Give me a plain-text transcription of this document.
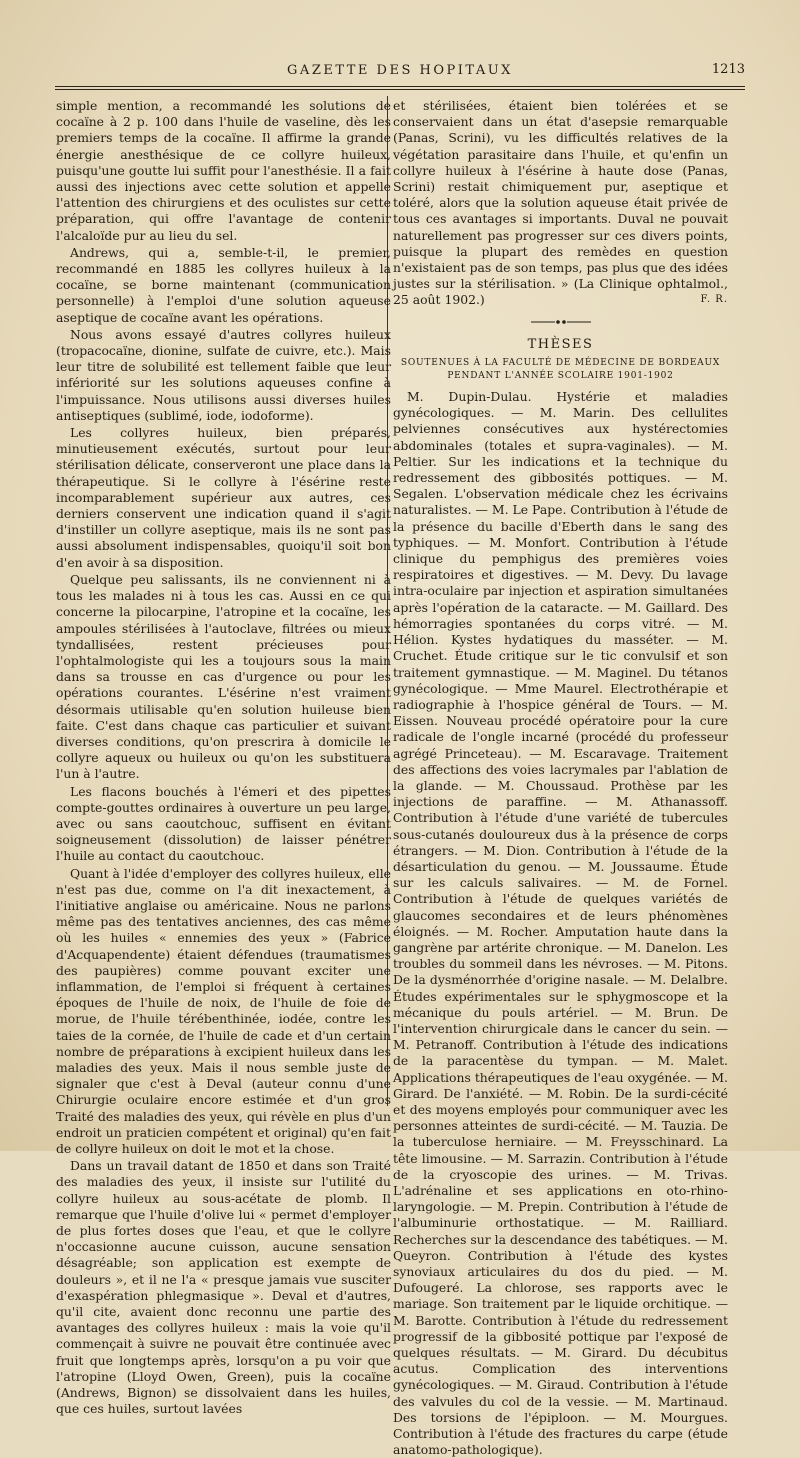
GAZETTE DES HOPITAUX	1213

simple mention, a recommandé les solutions de cocaïne à 2 p. 100 dans l'huile de vaseline, dès les premiers temps de la cocaïne. Il affirme la grande énergie anesthésique de ce collyre huileux, puisqu'une goutte lui suffit pour l'anesthésie. Il a fait aussi des injections avec cette solution et appelle l'attention des chirurgiens et des oculistes sur cette préparation, qui offre l'avantage de contenir l'alcaloïde pur au lieu du sel.

Andrews, qui a, semble-t-il, le premier, recommandé en 1885 les collyres huileux à la cocaïne, se borne maintenant (communication personnelle) à l'emploi d'une solution aqueuse aseptique de cocaïne avant les opérations.

Nous avons essayé d'autres collyres huileux (tropacocaïne, dionine, sulfate de cuivre, etc.). Mais leur titre de solubilité est tellement faible que leur infériorité sur les solutions aqueuses confine à l'impuissance. Nous utilisons aussi diverses huiles antiseptiques (sublimé, iode, iodoforme).

Les collyres huileux, bien préparés, minutieusement exécutés, surtout pour leur stérilisation délicate, conserveront une place dans la thérapeutique. Si le collyre à l'ésérine reste incomparablement supérieur aux autres, ces derniers conservent une indication quand il s'agit d'instiller un collyre aseptique, mais ils ne sont pas aussi absolument indispensables, quoiqu'il soit bon d'en avoir à sa disposition.

Quelque peu salissants, ils ne conviennent ni à tous les malades ni à tous les cas. Aussi en ce qui concerne la pilocarpine, l'atropine et la cocaïne, les ampoules stérilisées à l'autoclave, filtrées ou mieux tyndallisées, restent précieuses pour l'ophtalmologiste qui les a toujours sous la main dans sa trousse en cas d'urgence ou pour les opérations courantes. L'ésérine n'est vraiment désormais utilisable qu'en solution huileuse bien faite. C'est dans chaque cas particulier et suivant diverses conditions, qu'on prescrira à domicile le collyre aqueux ou huileux ou qu'on les substituera l'un à l'autre.

Les flacons bouchés à l'émeri et des pipettes compte-gouttes ordinaires à ouverture un peu large, avec ou sans caoutchouc, suffisent en évitant soigneusement (dissolution) de laisser pénétrer l'huile au contact du caoutchouc.

Quant à l'idée d'employer des collyres huileux, elle n'est pas due, comme on l'a dit inexactement, à l'initiative anglaise ou américaine. Nous ne parlons même pas des tentatives anciennes, des cas même où les huiles « ennemies des yeux » (Fabrice d'Acquapendente) étaient défendues (traumatismes des paupières) comme pouvant exciter une inflammation, de l'emploi si fréquent à certaines époques de l'huile de noix, de l'huile de foie de morue, de l'huile térébenthinée, iodée, contre les taies de la cornée, de l'huile de cade et d'un certain nombre de préparations à excipient huileux dans les maladies des yeux. Mais il nous semble juste de signaler que c'est à Deval (auteur connu d'une Chirurgie oculaire encore estimée et d'un gros Traité des maladies des yeux, qui révèle en plus d'un endroit un praticien compétent et original) qu'en fait de collyre huileux on doit le mot et la chose.

Dans un travail datant de 1850 et dans son Traité des maladies des yeux, il insiste sur l'utilité du collyre huileux au sous-acétate de plomb. Il remarque que l'huile d'olive lui « permet d'employer de plus fortes doses que l'eau, et que le collyre n'occasionne aucune cuisson, aucune sensation désagréable; son application est exempte de douleurs », et il ne l'a « presque jamais vue susciter d'exaspération phlegmasique ». Deval et d'autres, qu'il cite, avaient donc reconnu une partie des avantages des collyres huileux : mais la voie qu'il commençait à suivre ne pouvait être continuée avec fruit que longtemps après, lorsqu'on a pu voir que l'atropine (Lloyd Owen, Green), puis la cocaïne (Andrews, Bignon) se dissolvaient dans les huiles, que ces huiles, surtout lavées

et stérilisées, étaient bien tolérées et se conservaient dans un état d'asepsie remarquable (Panas, Scrini), vu les difficultés relatives de la végétation parasitaire dans l'huile, et qu'enfin un collyre huileux à l'ésérine à haute dose (Panas, Scrini) restait chimiquement pur, aseptique et toléré, alors que la solution aqueuse était privée de tous ces avantages si importants. Duval ne pouvait naturellement pas progresser sur ces divers points, puisque la plupart des remèdes en question n'existaient pas de son temps, pas plus que des idées justes sur la stérilisation. » (La Clinique ophtalmol., 25 août 1902.)	F. R.

THÈSES
SOUTENUES À LA FACULTÉ DE MÉDECINE DE BORDEAUX
PENDANT L'ANNÉE SCOLAIRE 1901-1902

M. Dupin-Dulau. Hystérie et maladies gynécologiques. — M. Marin. Des cellulites pelviennes consécutives aux hystérectomies abdominales (totales et supra-vaginales). — M. Peltier. Sur les indications et la technique du redressement des gibbosités pottiques. — M. Segalen. L'observation médicale chez les écrivains naturalistes. — M. Le Pape. Contribution à l'étude de la présence du bacille d'Eberth dans le sang des typhiques. — M. Monfort. Contribution à l'étude clinique du pemphigus des premières voies respiratoires et digestives. — M. Devy. Du lavage intra-oculaire par injection et aspiration simultanées après l'opération de la cataracte. — M. Gaillard. Des hémorragies spontanées du corps vitré. — M. Hélion. Kystes hydatiques du masséter. — M. Cruchet. Étude critique sur le tic convulsif et son traitement gymnastique. — M. Maginel. Du tétanos gynécologique. — Mme Maurel. Electrothérapie et radiographie à l'hospice général de Tours. — M. Eissen. Nouveau procédé opératoire pour la cure radicale de l'ongle incarné (procédé du professeur agrégé Princeteau). — M. Escaravage. Traitement des affections des voies lacrymales par l'ablation de la glande. — M. Choussaud. Prothèse par les injections de paraffine. — M. Athanassoff. Contribution à l'étude d'une variété de tubercules sous-cutanés douloureux dus à la présence de corps étrangers. — M. Dion. Contribution à l'étude de la désarticulation du genou. — M. Joussaume. Étude sur les calculs salivaires. — M. de Fornel. Contribution à l'étude de quelques variétés de glaucomes secondaires et de leurs phénomènes éloignés. — M. Rocher. Amputation haute dans la gangrène par artérite chronique. — M. Danelon. Les troubles du sommeil dans les névroses. — M. Pitons. De la dysménorrhée d'origine nasale. — M. Delalbre. Études expérimentales sur le sphygmoscope et la mécanique du pouls artériel. — M. Brun. De l'intervention chirurgicale dans le cancer du sein. — M. Petranoff. Contribution à l'étude des indications de la paracentèse du tympan. — M. Malet. Applications thérapeutiques de l'eau oxygénée. — M. Girard. De l'anxiété. — M. Robin. De la surdi-cécité et des moyens employés pour communiquer avec les personnes atteintes de surdi-cécité. — M. Tauzia. De la tuberculose herniaire. — M. Freysschinard. La tête limousine. — M. Sarrazin. Contribution à l'étude de la cryoscopie des urines. — M. Trivas. L'adrénaline et ses applications en oto-rhino-laryngologie. — M. Prepin. Contribution à l'étude de l'albuminurie orthostatique. — M. Railliard. Recherches sur la descendance des tabétiques. — M. Queyron. Contribution à l'étude des kystes synoviaux articulaires du dos du pied. — M. Dufougeré. La chlorose, ses rapports avec le mariage. Son traitement par le liquide orchitique. — M. Barotte. Contribution à l'étude du redressement progressif de la gibbosité pottique par l'exposé de quelques résultats. — M. Girard. Du décubitus acutus. Complication des interventions gynécologiques. — M. Giraud. Contribution à l'étude des valvules du col de la vessie. — M. Martinaud. Des torsions de l'épiploon. — M. Mourgues. Contribution à l'étude des fractures du carpe (étude anatomo-pathologique).
